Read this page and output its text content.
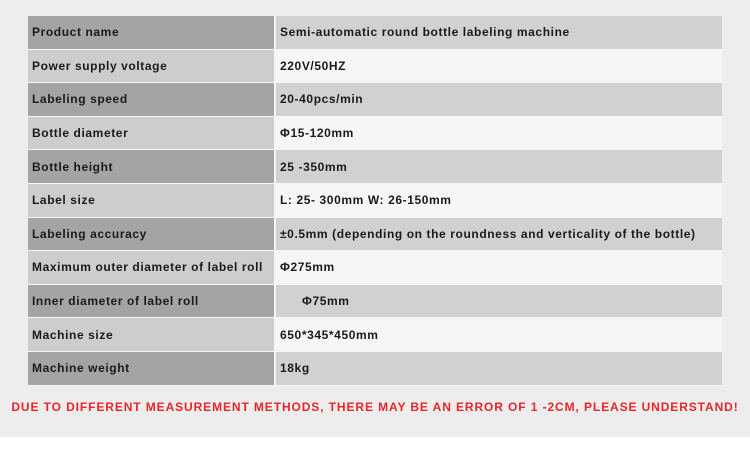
Product name	Semi-automatic round bottle labeling machine
Power supply voltage	220V/50HZ
Labeling speed	20-40pcs/min
Bottle diameter	Φ15-120mm
Bottle height	25 -350mm
Label size	L: 25- 300mm W: 26-150mm
Labeling accuracy	±0.5mm (depending on the roundness and verticality of the bottle)
Maximum outer diameter of label roll	Φ275mm
Inner diameter of label roll	Φ75mm
Machine size	650*345*450mm
Machine weight	18kg
DUE TO DIFFERENT MEASUREMENT METHODS, THERE MAY BE AN ERROR OF 1 -2CM, PLEASE UNDERSTAND!
